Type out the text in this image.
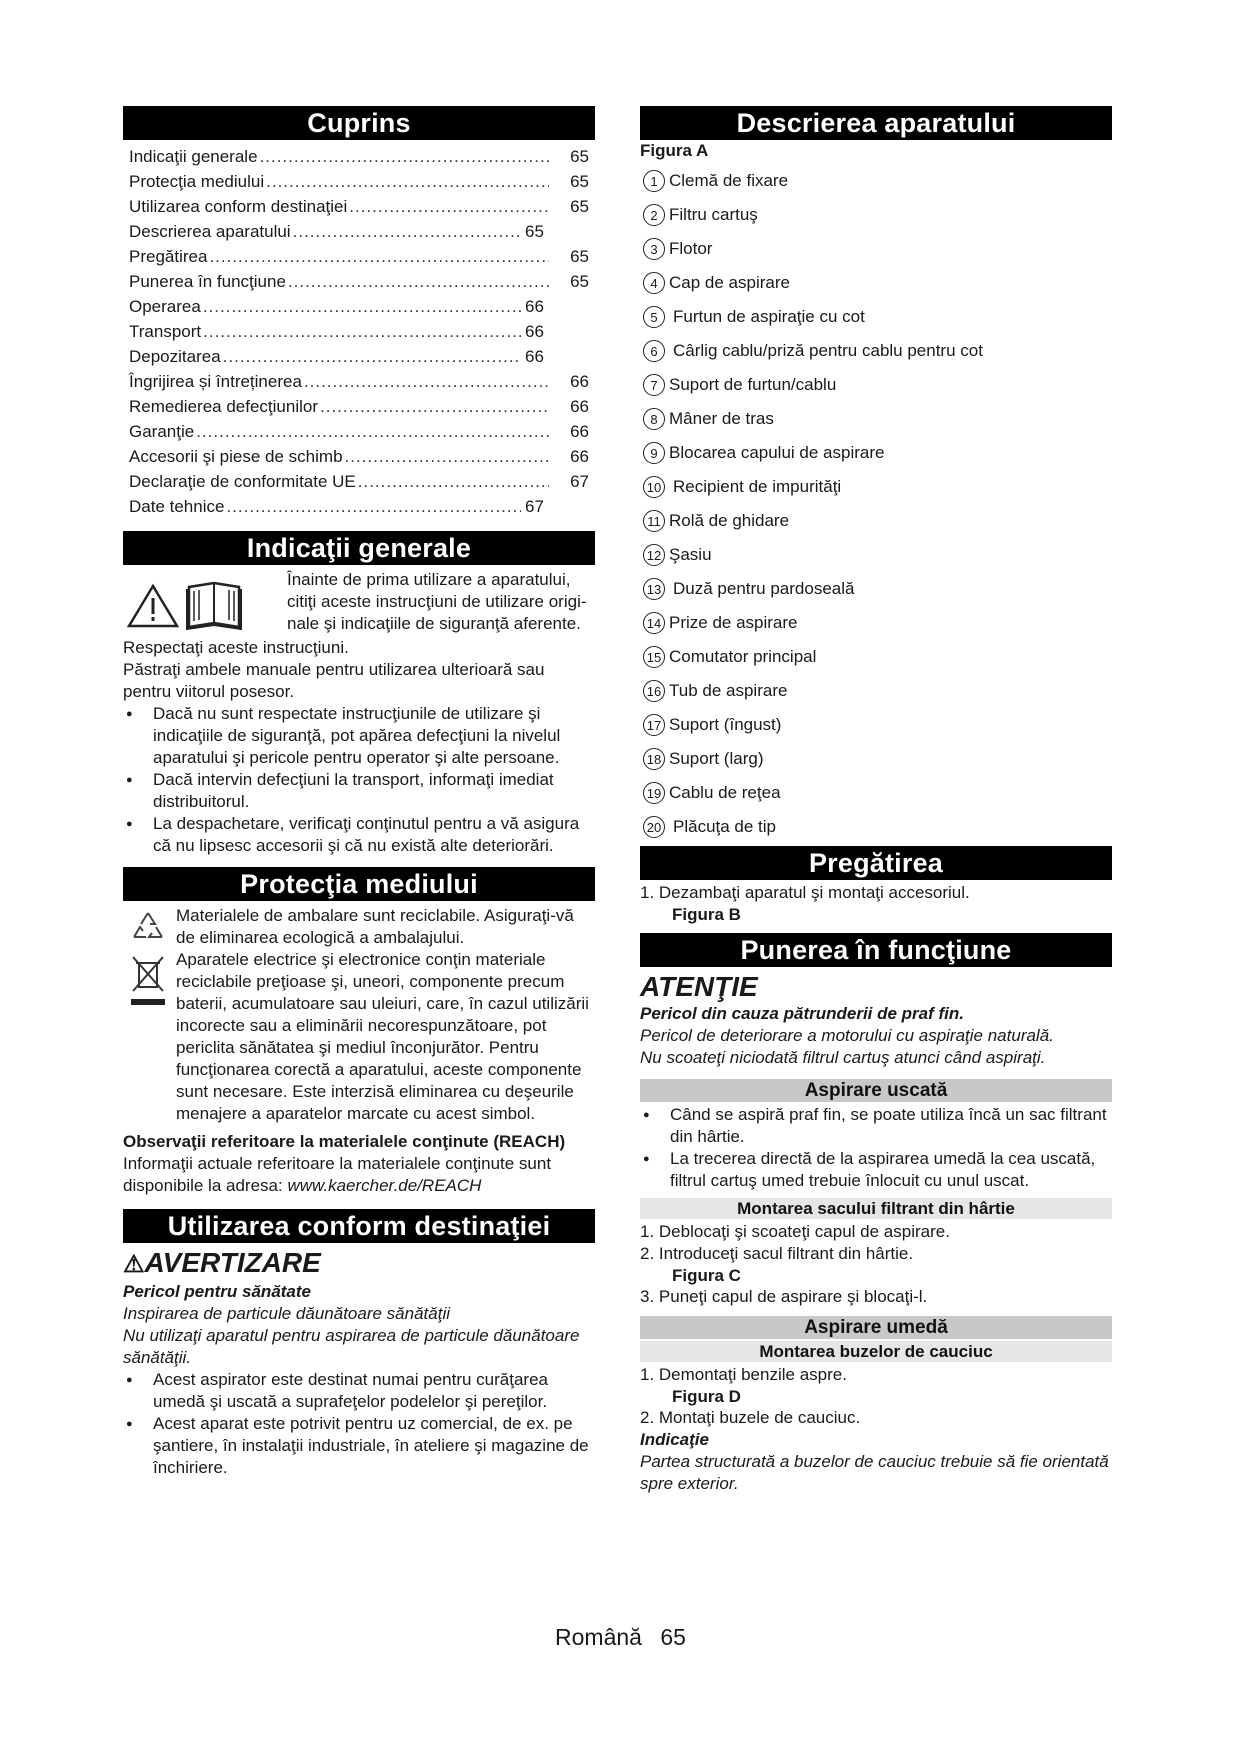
Cuprins
Indicaţii generale .....	65
Protecţia mediului .....	65
Utilizarea conform destinaţiei .....	65
Descrierea aparatului .....	65
Pregătirea .....	65
Punerea în funcţiune .....	65
Operarea .....	66
Transport .....	66
Depozitarea .....	66
Îngrijirea și întreținerea .....	66
Remedierea defecţiunilor .....	66
Garanţie .....	66
Accesorii şi piese de schimb .....	66
Declaraţie de conformitate UE .....	67
Date tehnice .....	67
Indicaţii generale

Înainte de prima utilizare a aparatului,

citiţi aceste instrucţiuni de utilizare origi-

nale şi indicaţiile de siguranţă aferente.

Respectaţi aceste instrucţiuni.

Păstraţi ambele manuale pentru utilizarea ulterioară sau pentru viitorul posesor.

● Dacă nu sunt respectate instrucţiunile de utilizare şi indicaţiile de siguranţă, pot apărea defecţiuni la nivelul aparatului şi pericole pentru operator şi alte persoane.
● Dacă intervin defecţiuni la transport, informaţi imediat distribuitorul.
● La despachetare, verificaţi conţinutul pentru a vă asigura că nu lipsesc accesorii şi că nu există alte deteriorări.
Protecţia mediului

Materialele de ambalare sunt reciclabile. Asiguraţi-vă de eliminarea ecologică a ambalajului.

Aparatele electrice şi electronice conţin materiale reciclabile preţioase şi, uneori, componente precum baterii, acumulatoare sau uleiuri, care, în cazul utilizării incorecte sau a eliminării necorespunzătoare, pot periclita sănătatea şi mediul înconjurător. Pentru funcţionarea corectă a aparatului, aceste componente sunt necesare. Este interzisă eliminarea cu deşeurile menajere a aparatelor marcate cu acest simbol.

Observaţii referitoare la materialele conţinute (REACH)

Informaţii actuale referitoare la materialele conţinute sunt disponibile la adresa: www.kaercher.de/REACH

Utilizarea conform destinaţiei
⚠AVERTIZARE

Pericol pentru sănătate

Inspirarea de particule dăunătoare sănătăţii

Nu utilizaţi aparatul pentru aspirarea de particule dăunătoare sănătăţii.

● Acest aspirator este destinat numai pentru curăţarea umedă şi uscată a suprafeţelor podelelor şi pereţilor.
● Acest aparat este potrivit pentru uz comercial, de ex. pe şantiere, în instalaţii industriale, în ateliere şi magazine de închiriere.
Descrierea aparatului

Figura A

1 Clemă de fixare
2 Filtru cartuş
3 Flotor
4 Cap de aspirare
5 Furtun de aspiraţie cu cot
6 Cârlig cablu/priză pentru cablu pentru cot
7 Suport de furtun/cablu
8 Mâner de tras
9 Blocarea capului de aspirare
10 Recipient de impurităţi
11 Rolă de ghidare
12 Şasiu
13 Duză pentru pardoseală
14 Prize de aspirare
15 Comutator principal
16 Tub de aspirare
17 Suport (îngust)
18 Suport (larg)
19 Cablu de reţea
20 Plăcuţa de tip
Pregătirea

1. Dezambaţi aparatul şi montaţi accesoriul.

Figura B
Punerea în funcţiune
ATENŢIE

Pericol din cauza pătrunderii de praf fin.

Pericol de deteriorare a motorului cu aspiraţie naturală.

Nu scoateţi niciodată filtrul cartuş atunci când aspiraţi.

Aspirare uscată
● Când se aspiră praf fin, se poate utiliza încă un sac filtrant din hârtie.
● La trecerea directă de la aspirarea umedă la cea uscată, filtrul cartuş umed trebuie înlocuit cu unul uscat.
Montarea sacului filtrant din hârtie
1. Deblocaţi şi scoateţi capul de aspirare.
2. Introduceţi sacul filtrant din hârtie.
Figura C

3. Puneţi capul de aspirare şi blocaţi-l.

Aspirare umedă
Montarea buzelor de cauciuc

1. Demontaţi benzile aspre.

Figura D

2. Montaţi buzele de cauciuc.

Indicaţie

Partea structurată a buzelor de cauciuc trebuie să fie orientată spre exterior.

Română 65
